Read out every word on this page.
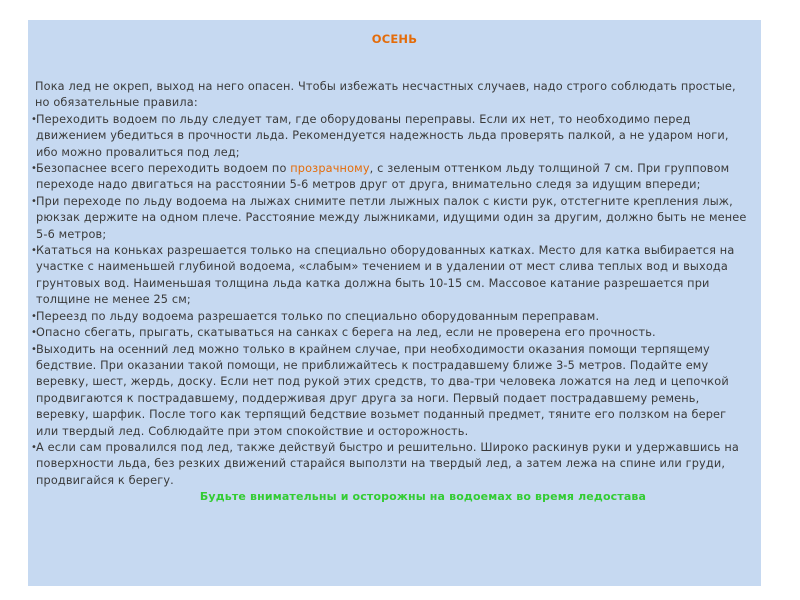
ОСЕНЬ
Пока лед не окреп, выход на него опасен. Чтобы избежать несчастных случаев, надо строго соблюдать простые, но обязательные правила:
•
Переходить водоем по льду следует там, где оборудованы переправы. Если их нет, то необходимо перед движением убедиться в прочности льда. Рекомендуется надежность льда проверять палкой, а не ударом ноги, ибо можно провалиться под лед;
•
Безопаснее всего переходить водоем по прозрачному, с зеленым оттенком льду толщиной 7 см. При групповом переходе надо двигаться на расстоянии 5-6 метров друг от друга, внимательно следя за идущим впереди;
•
При переходе по льду водоема на лыжах снимите петли лыжных палок с кисти рук, отстегните крепления лыж, рюкзак держите на одном плече. Расстояние между лыжниками, идущими один за другим, должно быть не менее 5-6 метров;
•
Кататься на коньках разрешается только на специально оборудованных катках. Место для катка выбирается на участке с наименьшей глубиной водоема, «слабым» течением и в удалении от мест слива теплых вод и выхода грунтовых вод. Наименьшая толщина льда катка должна быть 10-15 см. Массовое катание разрешается при толщине не менее 25 см;
•
Переезд по льду водоема разрешается только по специально оборудованным переправам.
•
Опасно сбегать, прыгать, скатываться на санках с берега на лед, если не проверена его прочность.
•
Выходить на осенний лед можно только в крайнем случае, при необходимости оказания помощи терпящему бедствие. При оказании такой помощи, не приближайтесь к пострадавшему ближе 3-5 метров. Подайте ему веревку, шест, жердь, доску. Если нет под рукой этих средств, то два-три человека ложатся на лед и цепочкой продвигаются к пострадавшему, поддерживая друг друга за ноги. Первый подает пострадавшему ремень, веревку, шарфик. После того как терпящий бедствие возьмет поданный предмет, тяните его ползком на берег или твердый лед. Соблюдайте при этом спокойствие и осторожность.
•
А если сам провалился под лед, также действуй быстро и решительно. Широко раскинув руки и удержавшись на поверхности льда, без резких движений старайся выползти на твердый лед, а затем лежа на спине или груди, продвигайся к берегу.
Будьте внимательны и осторожны на водоемах во время ледостава
